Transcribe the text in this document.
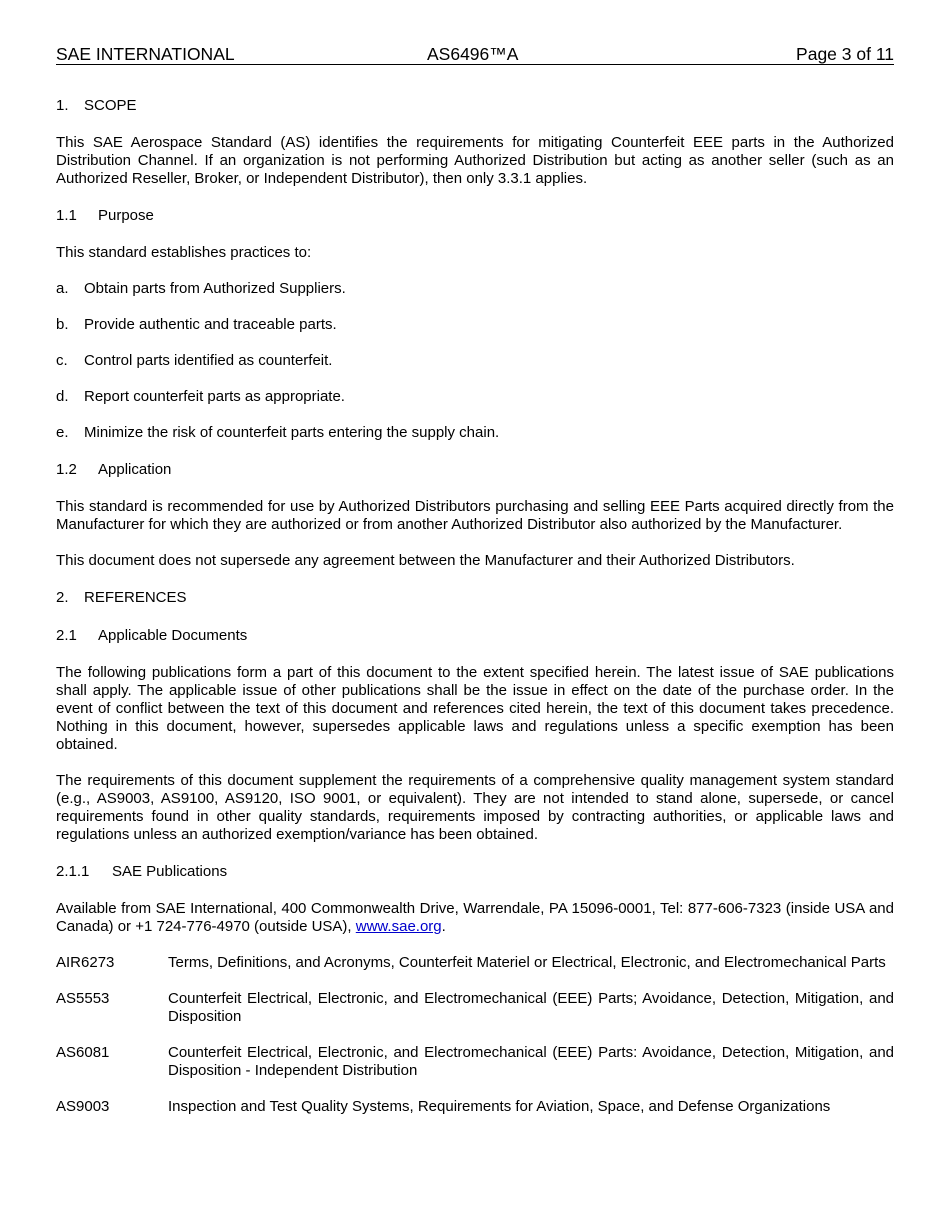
SAE INTERNATIONAL	AS6496™A	Page 3 of 11
1. SCOPE

This SAE Aerospace Standard (AS) identifies the requirements for mitigating Counterfeit EEE parts in the Authorized Distribution Channel. If an organization is not performing Authorized Distribution but acting as another seller (such as an Authorized Reseller, Broker, or Independent Distributor), then only 3.3.1 applies.

1.1 Purpose

This standard establishes practices to:

a. Obtain parts from Authorized Suppliers.
b. Provide authentic and traceable parts.
c. Control parts identified as counterfeit.
d. Report counterfeit parts as appropriate.
e. Minimize the risk of counterfeit parts entering the supply chain.
1.2 Application

This standard is recommended for use by Authorized Distributors purchasing and selling EEE Parts acquired directly from the Manufacturer for which they are authorized or from another Authorized Distributor also authorized by the Manufacturer.

This document does not supersede any agreement between the Manufacturer and their Authorized Distributors.

2. REFERENCES
2.1 Applicable Documents

The following publications form a part of this document to the extent specified herein. The latest issue of SAE publications shall apply. The applicable issue of other publications shall be the issue in effect on the date of the purchase order. In the event of conflict between the text of this document and references cited herein, the text of this document takes precedence. Nothing in this document, however, supersedes applicable laws and regulations unless a specific exemption has been obtained.

The requirements of this document supplement the requirements of a comprehensive quality management system standard (e.g., AS9003, AS9100, AS9120, ISO 9001, or equivalent). They are not intended to stand alone, supersede, or cancel requirements found in other quality standards, requirements imposed by contracting authorities, or applicable laws and regulations unless an authorized exemption/variance has been obtained.

2.1.1 SAE Publications

Available from SAE International, 400 Commonwealth Drive, Warrendale, PA 15096-0001, Tel: 877-606-7323 (inside USA and Canada) or +1 724-776-4970 (outside USA), www.sae.org.

AIR6273	Terms, Definitions, and Acronyms, Counterfeit Materiel or Electrical, Electronic, and Electromechanical Parts
AS5553	Counterfeit Electrical, Electronic, and Electromechanical (EEE) Parts; Avoidance, Detection, Mitigation, and Disposition
AS6081	Counterfeit Electrical, Electronic, and Electromechanical (EEE) Parts: Avoidance, Detection, Mitigation, and Disposition - Independent Distribution
AS9003	Inspection and Test Quality Systems, Requirements for Aviation, Space, and Defense Organizations
